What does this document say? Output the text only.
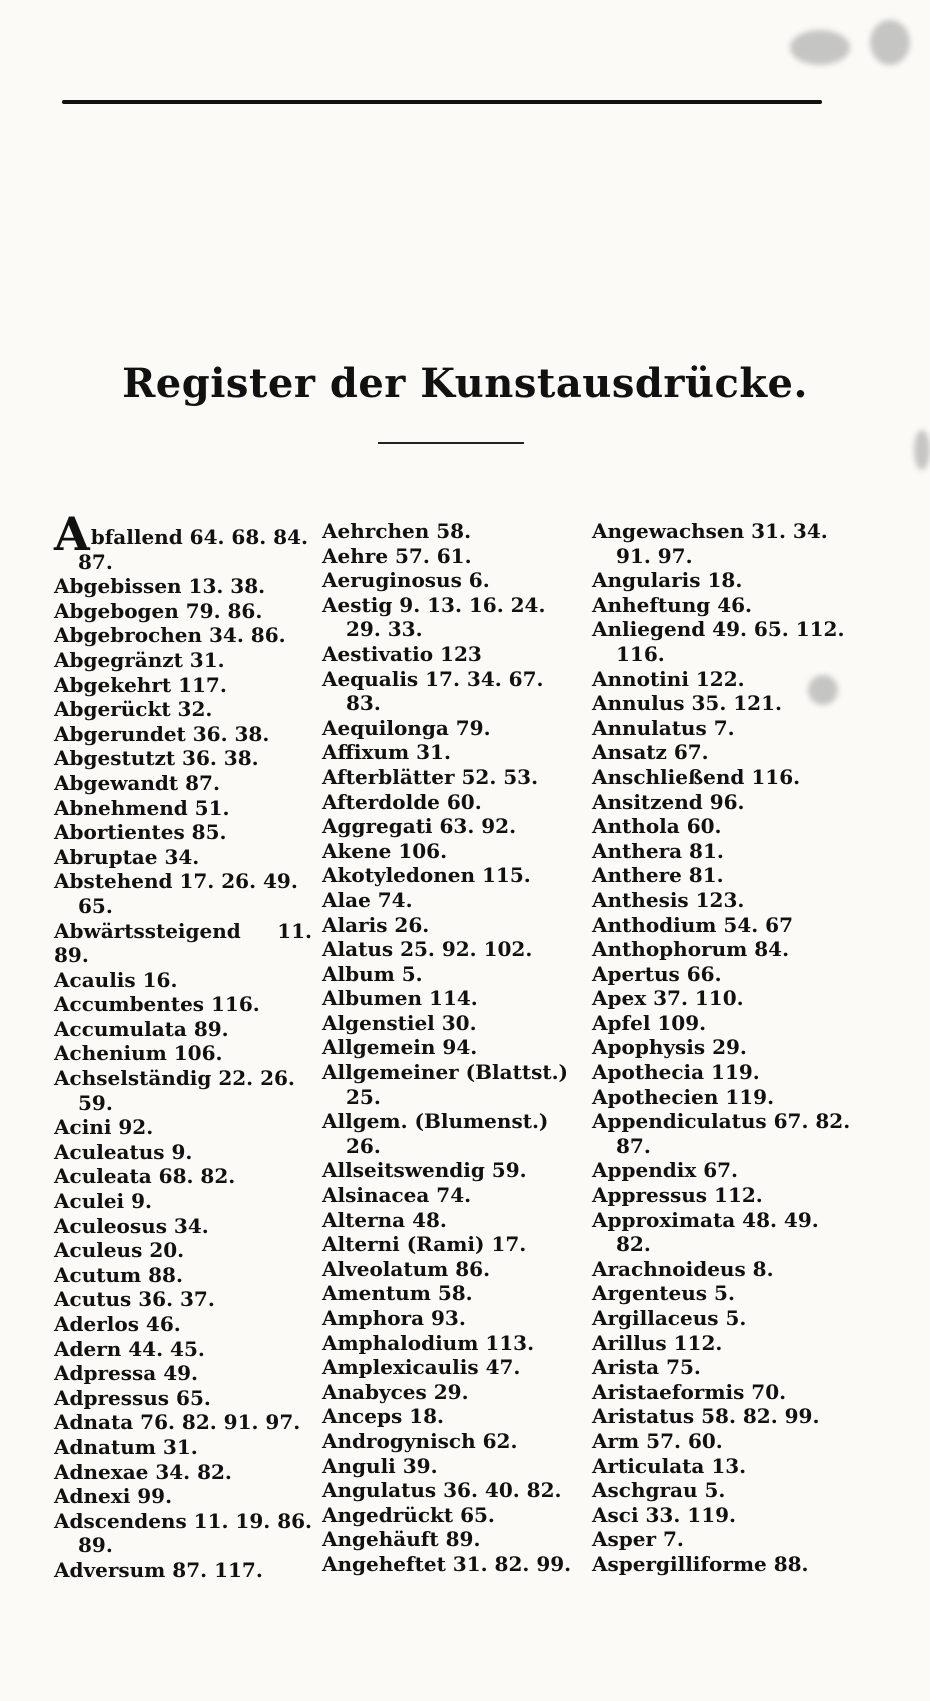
Register der Kunstausdrücke.
Abfallend 64. 68. 84.
87.
Abgebissen 13. 38.
Abgebogen 79. 86.
Abgebrochen 34. 86.
Abgegränzt 31.
Abgekehrt 117.
Abgerückt 32.
Abgerundet 36. 38.
Abgestutzt 36. 38.
Abgewandt 87.
Abnehmend 51.
Abortientes 85.
Abruptae 34.
Abstehend 17. 26. 49.
65.
Abwärtssteigend 11. 89.
Acaulis 16.
Accumbentes 116.
Accumulata 89.
Achenium 106.
Achselständig 22. 26.
59.
Acini 92.
Aculeatus 9.
Aculeata 68. 82.
Aculei 9.
Aculeosus 34.
Aculeus 20.
Acutum 88.
Acutus 36. 37.
Aderlos 46.
Adern 44. 45.
Adpressa 49.
Adpressus 65.
Adnata 76. 82. 91. 97.
Adnatum 31.
Adnexae 34. 82.
Adnexi 99.
Adscendens 11. 19. 86.
89.
Adversum 87. 117.
Aehrchen 58.
Aehre 57. 61.
Aeruginosus 6.
Aestig 9. 13. 16. 24.
29. 33.
Aestivatio 123
Aequalis 17. 34. 67.
83.
Aequilonga 79.
Affixum 31.
Afterblätter 52. 53.
Afterdolde 60.
Aggregati 63. 92.
Akene 106.
Akotyledonen 115.
Alae 74.
Alaris 26.
Alatus 25. 92. 102.
Album 5.
Albumen 114.
Algenstiel 30.
Allgemein 94.
Allgemeiner (Blattst.)
25.
Allgem. (Blumenst.)
26.
Allseitswendig 59.
Alsinacea 74.
Alterna 48.
Alterni (Rami) 17.
Alveolatum 86.
Amentum 58.
Amphora 93.
Amphalodium 113.
Amplexicaulis 47.
Anabyces 29.
Anceps 18.
Androgynisch 62.
Anguli 39.
Angulatus 36. 40. 82.
Angedrückt 65.
Angehäuft 89.
Angeheftet 31. 82. 99.
Angewachsen 31. 34.
91. 97.
Angularis 18.
Anheftung 46.
Anliegend 49. 65. 112.
116.
Annotini 122.
Annulus 35. 121.
Annulatus 7.
Ansatz 67.
Anschließend 116.
Ansitzend 96.
Anthola 60.
Anthera 81.
Anthere 81.
Anthesis 123.
Anthodium 54. 67
Anthophorum 84.
Apertus 66.
Apex 37. 110.
Apfel 109.
Apophysis 29.
Apothecia 119.
Apothecien 119.
Appendiculatus 67. 82.
87.
Appendix 67.
Appressus 112.
Approximata 48. 49.
82.
Arachnoideus 8.
Argenteus 5.
Argillaceus 5.
Arillus 112.
Arista 75.
Aristaeformis 70.
Aristatus 58. 82. 99.
Arm 57. 60.
Articulata 13.
Aschgrau 5.
Asci 33. 119.
Asper 7.
Aspergilliforme 88.
